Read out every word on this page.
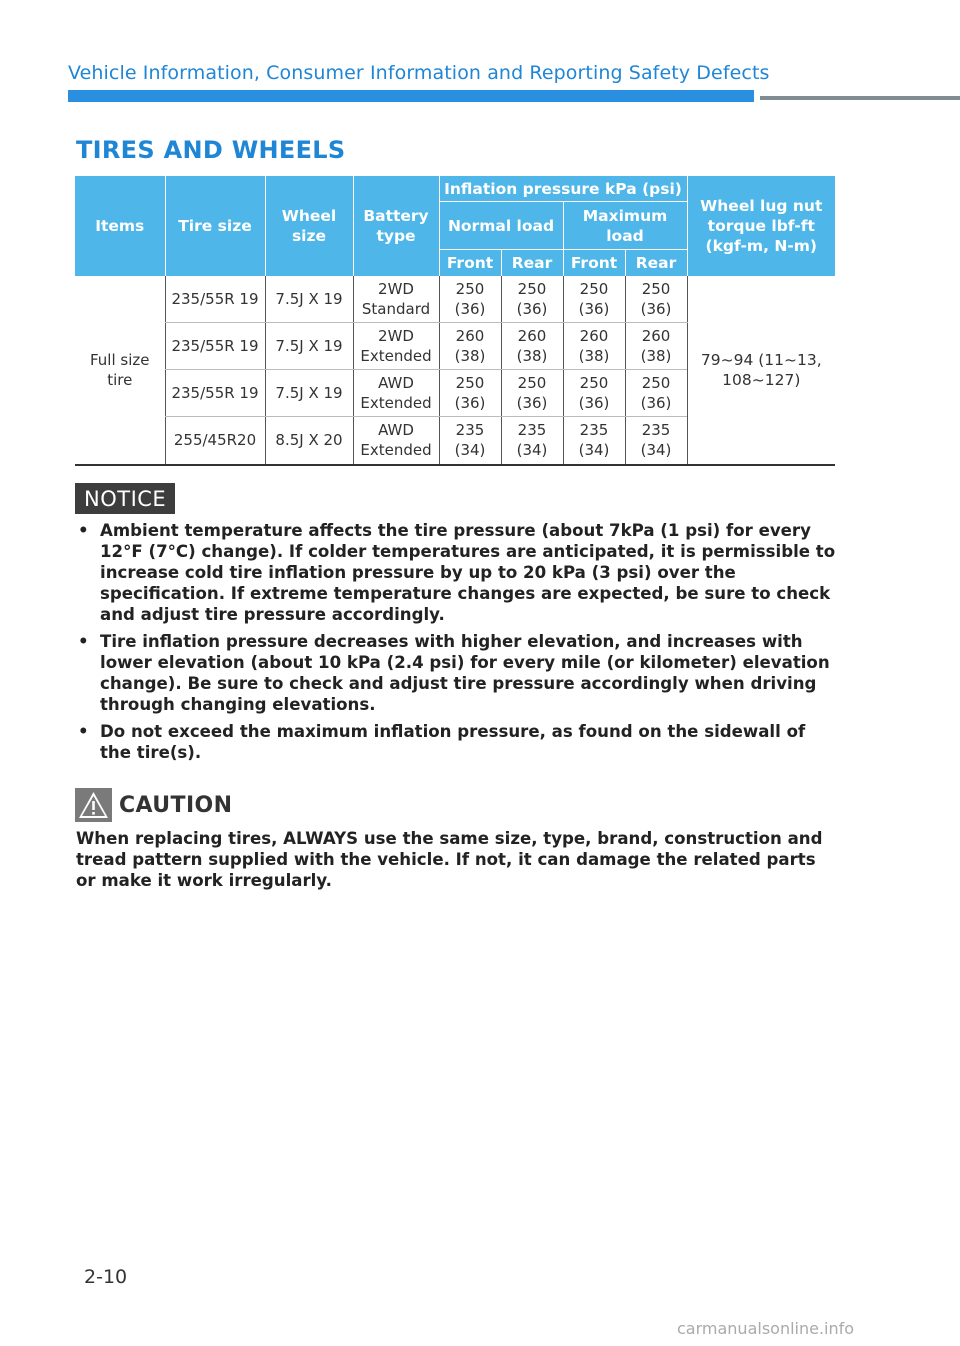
Vehicle Information, Consumer Information and Reporting Safety Defects
TIRES AND WHEELS
Items	Tire size	Wheel size	Battery type	Inflation pressure kPa (psi)				Wheel lug nut torque lbf-ft (kgf-m, N-m)
				Normal load		Maximum load		
				Front	Rear	Front	Rear	
Full size tire	235/55R 19	7.5J X 19	2WD Standard	250 (36)	250 (36)	250 (36)	250 (36)	79~94 (11~13, 108~127)
	235/55R 19	7.5J X 19	2WD Extended	260 (38)	260 (38)	260 (38)	260 (38)	
	235/55R 19	7.5J X 19	AWD Extended	250 (36)	250 (36)	250 (36)	250 (36)	
	255/45R20	8.5J X 20	AWD Extended	235 (34)	235 (34)	235 (34)	235 (34)	
NOTICE
• Ambient temperature affects the tire pressure (about 7kPa (1 psi) for every 12°F (7°C) change). If colder temperatures are anticipated, it is permissible to increase cold tire inflation pressure by up to 20 kPa (3 psi) over the specification. If extreme temperature changes are expected, be sure to check and adjust tire pressure accordingly.
• Tire inflation pressure decreases with higher elevation, and increases with lower elevation (about 10 kPa (2.4 psi) for every mile (or kilometer) elevation change). Be sure to check and adjust tire pressure accordingly when driving through changing elevations.
• Do not exceed the maximum inflation pressure, as found on the sidewall of the tire(s).
CAUTION

When replacing tires, ALWAYS use the same size, type, brand, construction and tread pattern supplied with the vehicle. If not, it can damage the related parts or make it work irregularly.

2-10
carmanualsonline.info
